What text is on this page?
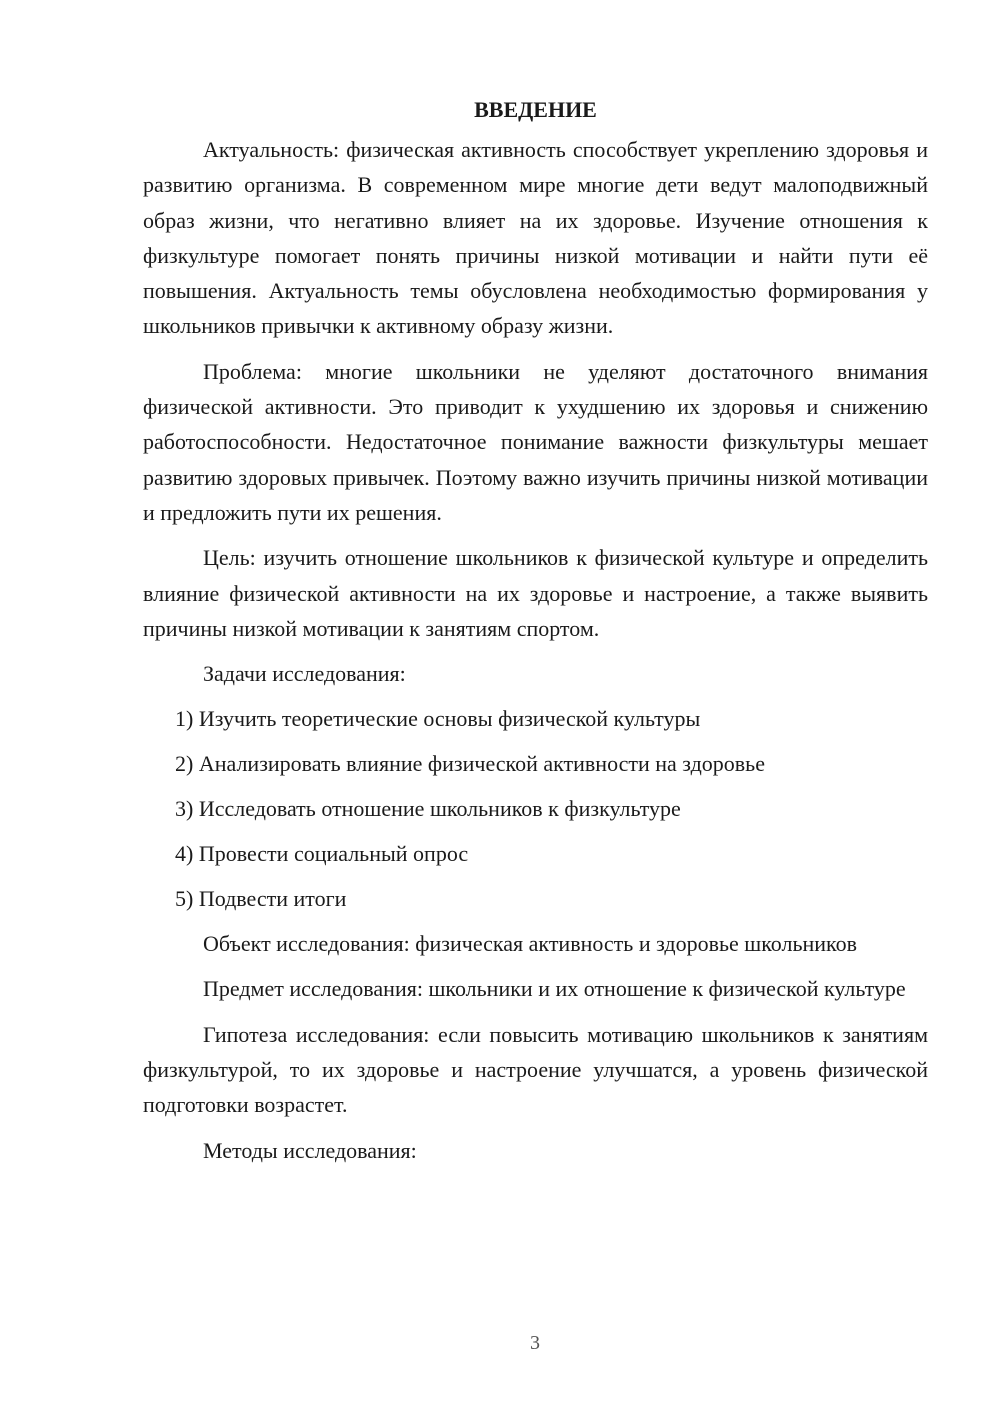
ВВЕДЕНИЕ

Актуальность: физическая активность способствует укреплению здоровья и развитию организма. В современном мире многие дети ведут малоподвижный образ жизни, что негативно влияет на их здоровье. Изучение отношения к физкультуре помогает понять причины низкой мотивации и найти пути её повышения. Актуальность темы обусловлена необходимостью формирования у школьников привычки к активному образу жизни.

Проблема: многие школьники не уделяют достаточного внимания физической активности. Это приводит к ухудшению их здоровья и снижению работоспособности. Недостаточное понимание важности физкультуры мешает развитию здоровых привычек. Поэтому важно изучить причины низкой мотивации и предложить пути их решения.

Цель: изучить отношение школьников к физической культуре и определить влияние физической активности на их здоровье и настроение, а также выявить причины низкой мотивации к занятиям спортом.

Задачи исследования:

1) Изучить теоретические основы физической культуры
2) Анализировать влияние физической активности на здоровье
3) Исследовать отношение школьников к физкультуре
4) Провести социальный опрос
5) Подвести итоги

Объект исследования: физическая активность и здоровье школьников

Предмет исследования: школьники и их отношение к физической культуре

Гипотеза исследования: если повысить мотивацию школьников к занятиям физкультурой, то их здоровье и настроение улучшатся, а уровень физической подготовки возрастет.

Методы исследования:

3
